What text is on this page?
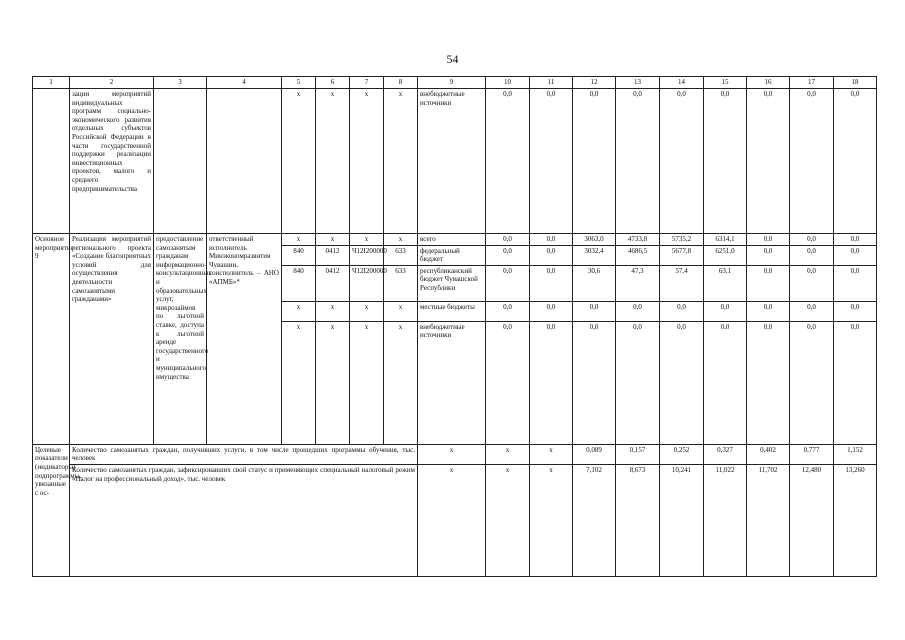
54
1	2	3	4	5	6	7	8	9	10	11	12	13	14	15	16	17	18
	зации мероприятий индивидуальных программ социально-экономического развития отдельных субъектов Российской Федерации в части государственной поддержки реализации инвестиционных проектов, малого и среднего предпринимательства			x	x	x	x	внебюджетные источники	0,0	0,0	0,0	0,0	0,0	0,0	0,0	0,0	0,0
Основное мероприятие 9	Реализация мероприятий регионального проекта «Создание благоприятных условий для осуществления деятельности самозанятыми гражданами»	предоставление самозанятым гражданам информационно-консультационных и образовательных услуг, микрозаймов по льготной ставке, доступа к льготной аренде государственного и муниципального имущества	ответственный исполнитель Минэкономразвития Чувашии, соисполнитель – АНО «АПМБ»*	x	x	x	x	всего	0,0	0,0	3063,0	4733,8	5735,2	6314,1	0,0	0,0	0,0
				840	0412	Ч12I200000	633	федеральный бюджет	0,0	0,0	3032,4	4686,5	5677,8	6251,0	0,0	0,0	0,0
				840	0412	Ч12I200000	633	республиканский бюджет Чувашской Республики	0,0	0,0	30,6	47,3	57,4	63,1	0,0	0,0	0,0
				x	x	x	x	местные бюджеты	0,0	0,0	0,0	0,0	0,0	0,0	0,0	0,0	0,0
				x	x	x	x	внебюджетные источники	0,0	0,0	0,0	0,0	0,0	0,0	0,0	0,0	0,0
Целевые показатели (индикаторы) подпрограммы, увязанные с ос-	Количество самозанятых граждан, получивших услуги, в том числе прошедших программы обучения, тыс. человек							x	x	x	0,089	0,157	0,252	0,327	0,402	0,777	1,152
	Количество самозанятых граждан, зафиксировавших свой статус и применяющих специальный налоговый режим «Налог на профессиональный доход», тыс. человек							x	x	x	7,102	8,673	10,241	11,022	11,702	12,480	13,260
